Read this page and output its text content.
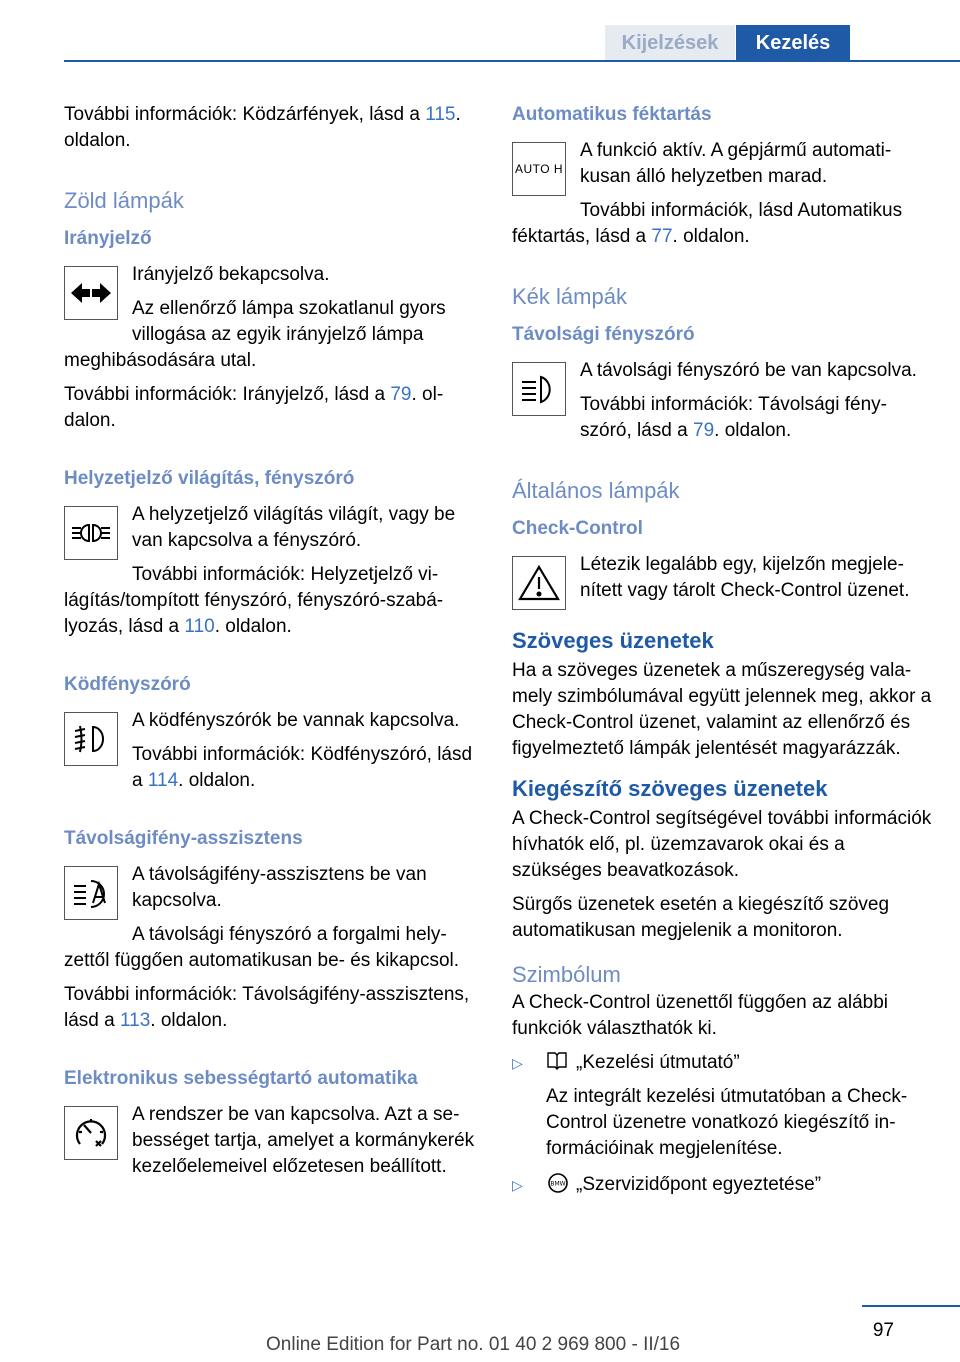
Kijelzések	Kezelés

További információk: Ködzárfények, lásd a 115. oldalon.

Zöld lámpák
Irányjelző

Irányjelző bekapcsolva.

Az ellenőrző lámpa szokatlanul gyors villogása az egyik irányjelző lámpa meghibásodására utal.

További információk: Irányjelző, lásd a 79. oldalon.

Helyzetjelző világítás, fényszóró

A helyzetjelző világítás világít, vagy be van kapcsolva a fényszóró.

További információk: Helyzetjelző világítás/tompított fényszóró, fényszóró-szabályozás, lásd a 110. oldalon.

Ködfényszóró

A ködfényszórók be vannak kapcsolva.

További információk: Ködfényszóró, lásd a 114. oldalon.

Távolságifény-asszisztens

A távolságifény-asszisztens be van kapcsolva.

A távolsági fényszóró a forgalmi helyzettől függően automatikusan be- és kikapcsol.

További információk: Távolságifény-asszisztens, lásd a 113. oldalon.

Elektronikus sebességtartó automatika

A rendszer be van kapcsolva. Azt a sebességet tartja, amelyet a kormánykerék kezelőelemeivel előzetesen beállított.

Automatikus féktartás
AUTO H

A funkció aktív. A gépjármű automatikusan álló helyzetben marad.

További információk, lásd Automatikus féktartás, lásd a 77. oldalon.

Kék lámpák
Távolsági fényszóró

A távolsági fényszóró be van kapcsolva.

További információk: Távolsági fényszóró, lásd a 79. oldalon.

Általános lámpák
Check-Control

Létezik legalább egy, kijelzőn megjelenített vagy tárolt Check-Control üzenet.

Szöveges üzenetek

Ha a szöveges üzenetek a műszeregység valamely szimbólumával együtt jelennek meg, akkor a Check-Control üzenet, valamint az ellenőrző és figyelmeztető lámpák jelentését magyarázzák.

Kiegészítő szöveges üzenetek

A Check-Control segítségével további információk hívhatók elő, pl. üzemzavarok okai és a szükséges beavatkozások.

Sürgős üzenetek esetén a kiegészítő szöveg automatikusan megjelenik a monitoron.

Szimbólum

A Check-Control üzenettől függően az alábbi funkciók választhatók ki.

▷	„Kezelési útmutató”

Az integrált kezelési útmutatóban a Check-Control üzenetre vonatkozó kiegészítő információinak megjelenítése.

▷	BMW „Szervizidőpont egyeztetése”
97
Online Edition for Part no. 01 40 2 969 800 - II/16
